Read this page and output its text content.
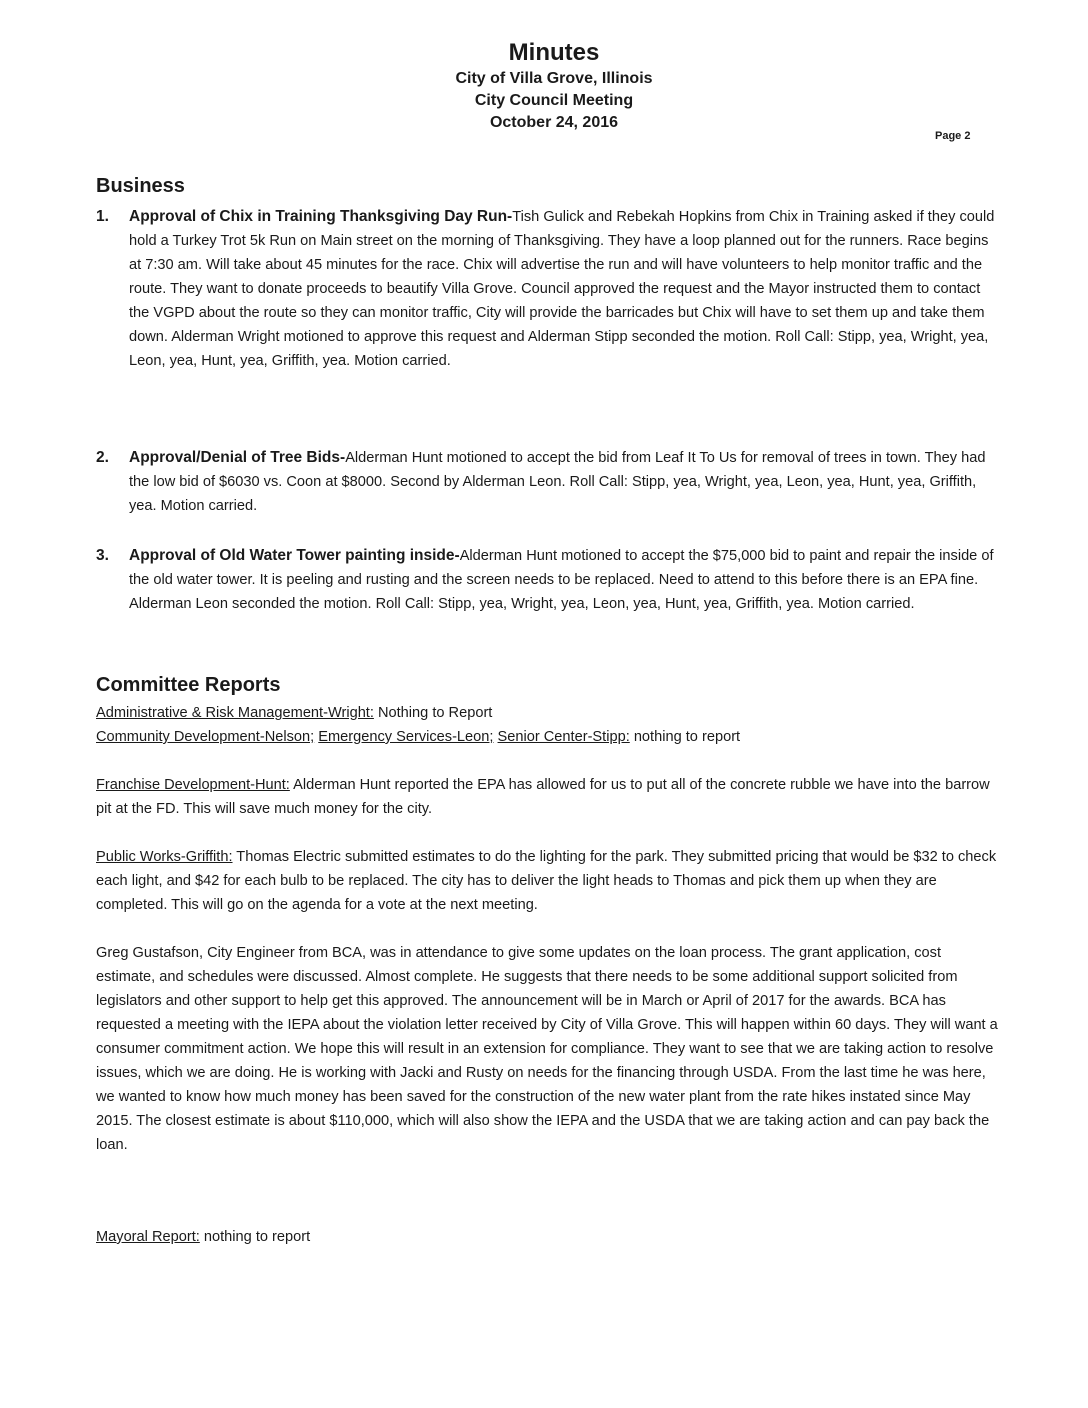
Minutes
City of Villa Grove, Illinois
City Council Meeting
October 24, 2016
Page 2
Business
1. Approval of Chix in Training Thanksgiving Day Run-Tish Gulick and Rebekah Hopkins from Chix in Training asked if they could hold a Turkey Trot 5k Run on Main street on the morning of Thanksgiving. They have a loop planned out for the runners. Race begins at 7:30 am. Will take about 45 minutes for the race. Chix will advertise the run and will have volunteers to help monitor traffic and the route. They want to donate proceeds to beautify Villa Grove. Council approved the request and the Mayor instructed them to contact the VGPD about the route so they can monitor traffic, City will provide the barricades but Chix will have to set them up and take them down. Alderman Wright motioned to approve this request and Alderman Stipp seconded the motion. Roll Call: Stipp, yea, Wright, yea, Leon, yea, Hunt, yea, Griffith, yea. Motion carried.
2. Approval/Denial of Tree Bids-Alderman Hunt motioned to accept the bid from Leaf It To Us for removal of trees in town. They had the low bid of $6030 vs. Coon at $8000. Second by Alderman Leon. Roll Call: Stipp, yea, Wright, yea, Leon, yea, Hunt, yea, Griffith, yea. Motion carried.
3. Approval of Old Water Tower painting inside-Alderman Hunt motioned to accept the $75,000 bid to paint and repair the inside of the old water tower. It is peeling and rusting and the screen needs to be replaced. Need to attend to this before there is an EPA fine. Alderman Leon seconded the motion. Roll Call: Stipp, yea, Wright, yea, Leon, yea, Hunt, yea, Griffith, yea. Motion carried.
Committee Reports
Administrative & Risk Management-Wright: Nothing to Report
Community Development-Nelson; Emergency Services-Leon; Senior Center-Stipp: nothing to report
Franchise Development-Hunt: Alderman Hunt reported the EPA has allowed for us to put all of the concrete rubble we have into the barrow pit at the FD. This will save much money for the city.
Public Works-Griffith: Thomas Electric submitted estimates to do the lighting for the park. They submitted pricing that would be $32 to check each light, and $42 for each bulb to be replaced. The city has to deliver the light heads to Thomas and pick them up when they are completed. This will go on the agenda for a vote at the next meeting.
Greg Gustafson, City Engineer from BCA, was in attendance to give some updates on the loan process. The grant application, cost estimate, and schedules were discussed. Almost complete. He suggests that there needs to be some additional support solicited from legislators and other support to help get this approved. The announcement will be in March or April of 2017 for the awards. BCA has requested a meeting with the IEPA about the violation letter received by City of Villa Grove. This will happen within 60 days. They will want a consumer commitment action. We hope this will result in an extension for compliance. They want to see that we are taking action to resolve issues, which we are doing. He is working with Jacki and Rusty on needs for the financing through USDA. From the last time he was here, we wanted to know how much money has been saved for the construction of the new water plant from the rate hikes instated since May 2015. The closest estimate is about $110,000, which will also show the IEPA and the USDA that we are taking action and can pay back the loan.
Mayoral Report: nothing to report
